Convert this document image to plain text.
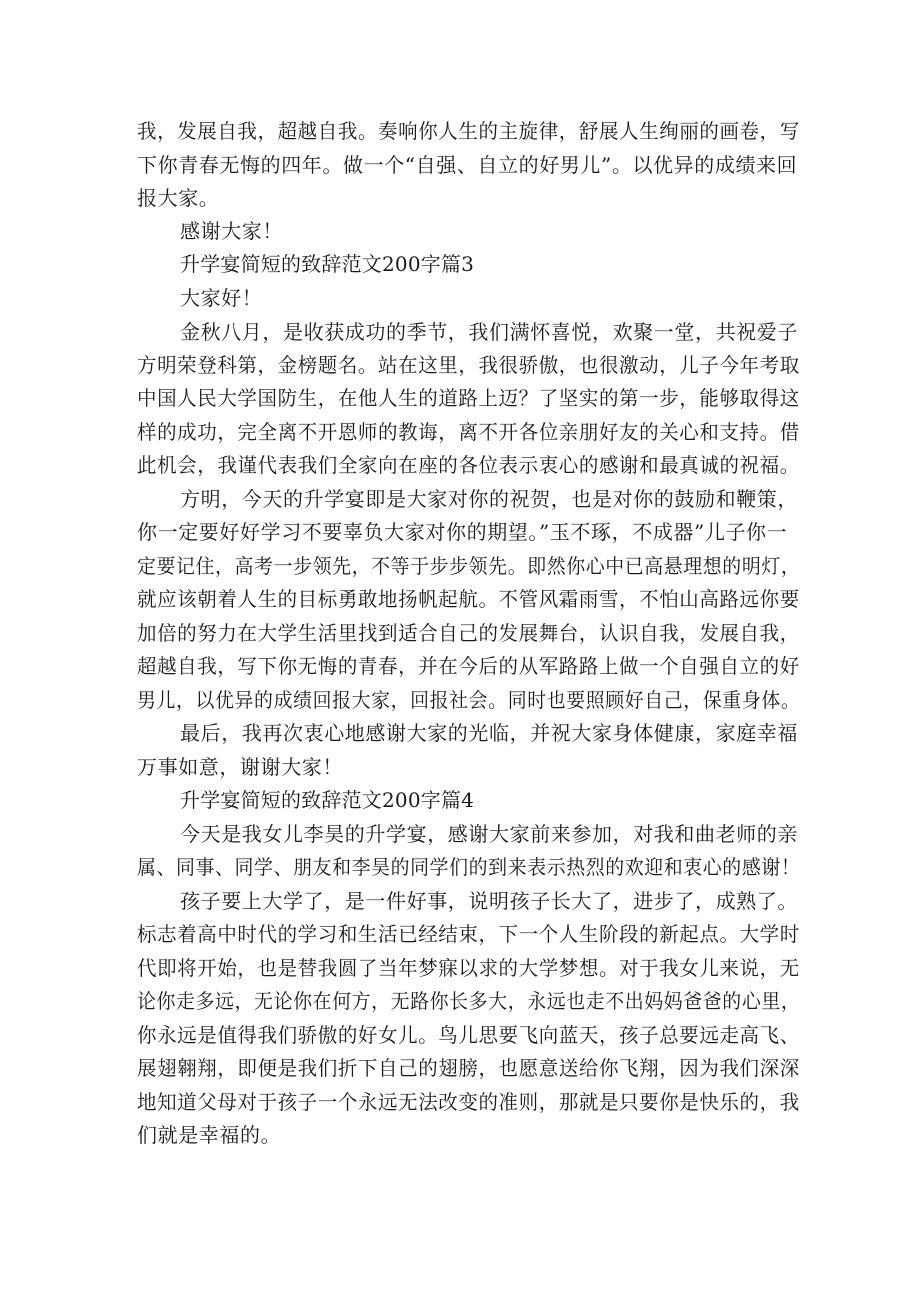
我，发展自我，超越自我。奏响你人生的主旋律，舒展人生绚丽的画卷，写

下你青春无悔的四年。做一个“自强、自立的好男儿”。以优异的成绩来回

报大家。

感谢大家！

升学宴简短的致辞范文200字篇3

大家好！

金秋八月，是收获成功的季节，我们满怀喜悦，欢聚一堂，共祝爱子

方明荣登科第，金榜题名。站在这里，我很骄傲，也很激动，儿子今年考取

中国人民大学国防生，在他人生的道路上迈？了坚实的第一步，能够取得这

样的成功，完全离不开恩师的教诲，离不开各位亲朋好友的关心和支持。借

此机会，我谨代表我们全家向在座的各位表示衷心的感谢和最真诚的祝福。

方明，今天的升学宴即是大家对你的祝贺，也是对你的鼓励和鞭策，

你一定要好好学习不要辜负大家对你的期望。”玉不琢，不成器”儿子你一

定要记住，高考一步领先，不等于步步领先。即然你心中已高悬理想的明灯，

就应该朝着人生的目标勇敢地扬帆起航。不管风霜雨雪，不怕山高路远你要

加倍的努力在大学生活里找到适合自己的发展舞台，认识自我，发展自我，

超越自我，写下你无悔的青春，并在今后的从军路路上做一个自强自立的好

男儿，以优异的成绩回报大家，回报社会。同时也要照顾好自己，保重身体。

最后，我再次衷心地感谢大家的光临，并祝大家身体健康，家庭幸福

万事如意，谢谢大家！

升学宴简短的致辞范文200字篇4

今天是我女儿李昊的升学宴，感谢大家前来参加，对我和曲老师的亲

属、同事、同学、朋友和李昊的同学们的到来表示热烈的欢迎和衷心的感谢！

孩子要上大学了，是一件好事，说明孩子长大了，进步了，成熟了。

标志着高中时代的学习和生活已经结束，下一个人生阶段的新起点。大学时

代即将开始，也是替我圆了当年梦寐以求的大学梦想。对于我女儿来说，无

论你走多远，无论你在何方，无路你长多大，永远也走不出妈妈爸爸的心里，

你永远是值得我们骄傲的好女儿。鸟儿思要飞向蓝天，孩子总要远走高飞、

展翅翱翔，即便是我们折下自己的翅膀，也愿意送给你飞翔，因为我们深深

地知道父母对于孩子一个永远无法改变的准则，那就是只要你是快乐的，我

们就是幸福的。
